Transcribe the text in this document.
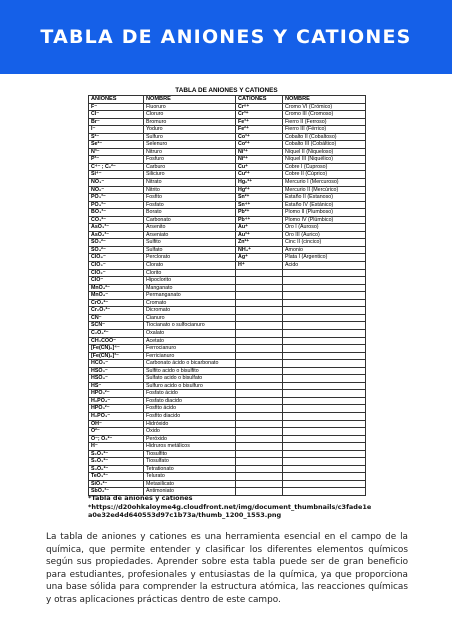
TABLA DE ANIONES Y CATIONES
TABLA DE ANIONES Y CATIONES
ANIONES	NOMBRE	CATIONES	NOMBRE
F⁻	Fluoruro	Cr⁶⁺	Cromo VI (Crómico)
Cl⁻	Cloruro	Cr³⁺	Cromo III (Cromoso)
Br⁻	Bromuro	Fe³⁺	Fierro II (Ferroso)
I⁻	Yoduro	Fe²⁺	Fierro III (Férrico)
S²⁻	Sulfuro	Co³⁺	Cobalto II (Cobaltoso)
Se²⁻	Selenuro	Co²⁺	Cobalto III (Cobáltico)
N³⁻	Nitruro	Ni³⁺	Níquel II (Niqueloso)
P³⁻	Fosfuro	Ni²⁺	Níquel III (Niquélico)
C⁴⁻ ; C₂²⁻	Carburo	Cu⁺	Cobre I (Cuproso)
Si⁴⁻	Siliciuro	Cu²⁺	Cobre II (Cúprico)
NO₃⁻	Nitrato	Hg₂²⁺	Mercurio I (Mercuroso)
NO₂⁻	Nitrito	Hg²⁺	Mercurio II (Mercúrico)
PO₃³⁻	Fosfito	Sn²⁺	Estaño II (Estanoso)
PO₄³⁻	Fosfato	Sn⁴⁺	Estaño IV (Estánico)
BO₃³⁻	Borato	Pb²⁺	Plomo II (Plumboso)
CO₃²⁻	Carbonato	Pb⁴⁺	Plomo IV (Plúmbico)
AsO₃³⁻	Arsenito	Au⁺	Oro I (Auroso)
AsO₄³⁻	Arseniato	Au³⁺	Oro III (Aurico)
SO₃²⁻	Sulfito	Zn²⁺	Cinc II (cincico)
SO₄²⁻	Sulfato	NH₄⁺	Amonio
ClO₄⁻	Perclorato	Ag⁺	Plata I (Argentico)
ClO₃⁻	Clorato	H⁺	Ácido
ClO₂⁻	Clorito		
ClO⁻	Hipoclorito		
MnO₄²⁻	Manganato		
MnO₄⁻	Permanganato		
CrO₄²⁻	Cromato		
Cr₂O₇²⁻	Dicromato		
CN⁻	Cianuro		
SCN⁻	Tiocianato o sulfocianuro		
C₂O₄²⁻	Oxalato		
CH₃COO⁻	Acetato		
[Fe(CN)₆]⁴⁻	Ferrocianuro		
[Fe(CN)₆]³⁻	Ferricianuro		
HCO₃⁻	Carbonato ácido o bicarbonato		
HSO₃⁻	Sulfito acido o bisulfito		
HSO₄⁻	Sulfato acido o bisulfato		
HS⁻	Sulfuro acido o bisulfuro		
HPO₃²⁻	Fosfato ácido		
H₂PO₄⁻	Fosfato diacido		
HPO₃²⁻	Fosfito ácido		
H₂PO₃⁻	Fosfito diacido		
OH⁻	Hidróxido		
O²⁻	Óxido		
O⁻; O₂²⁻	Peróxido		
H⁻	Hidruros metálicos		
S₂O₃²⁻	Tiosulfito		
S₂O₃²⁻	Tiosulfato		
S₄O₆²⁻	Tetrationato		
TeO₃²⁻	Telurato		
SiO₃²⁻	Metasilicato		
SbO₄³⁻	Antimoniato		
*Tabla de aniones y cationes
*https://d20ohkaloyme4g.cloudfront.net/img/document_thumbnails/c3fade1e
a0e32ed4d640553d97c1b73a/thumb_1200_1553.png
La tabla de aniones y cationes es una herramienta esencial en el campo de la química, que permite entender y clasificar los diferentes elementos químicos según sus propiedades. Aprender sobre esta tabla puede ser de gran beneficio para estudiantes, profesionales y entusiastas de la química, ya que proporciona una base sólida para comprender la estructura atómica, las reacciones químicas y otras aplicaciones prácticas dentro de este campo.
